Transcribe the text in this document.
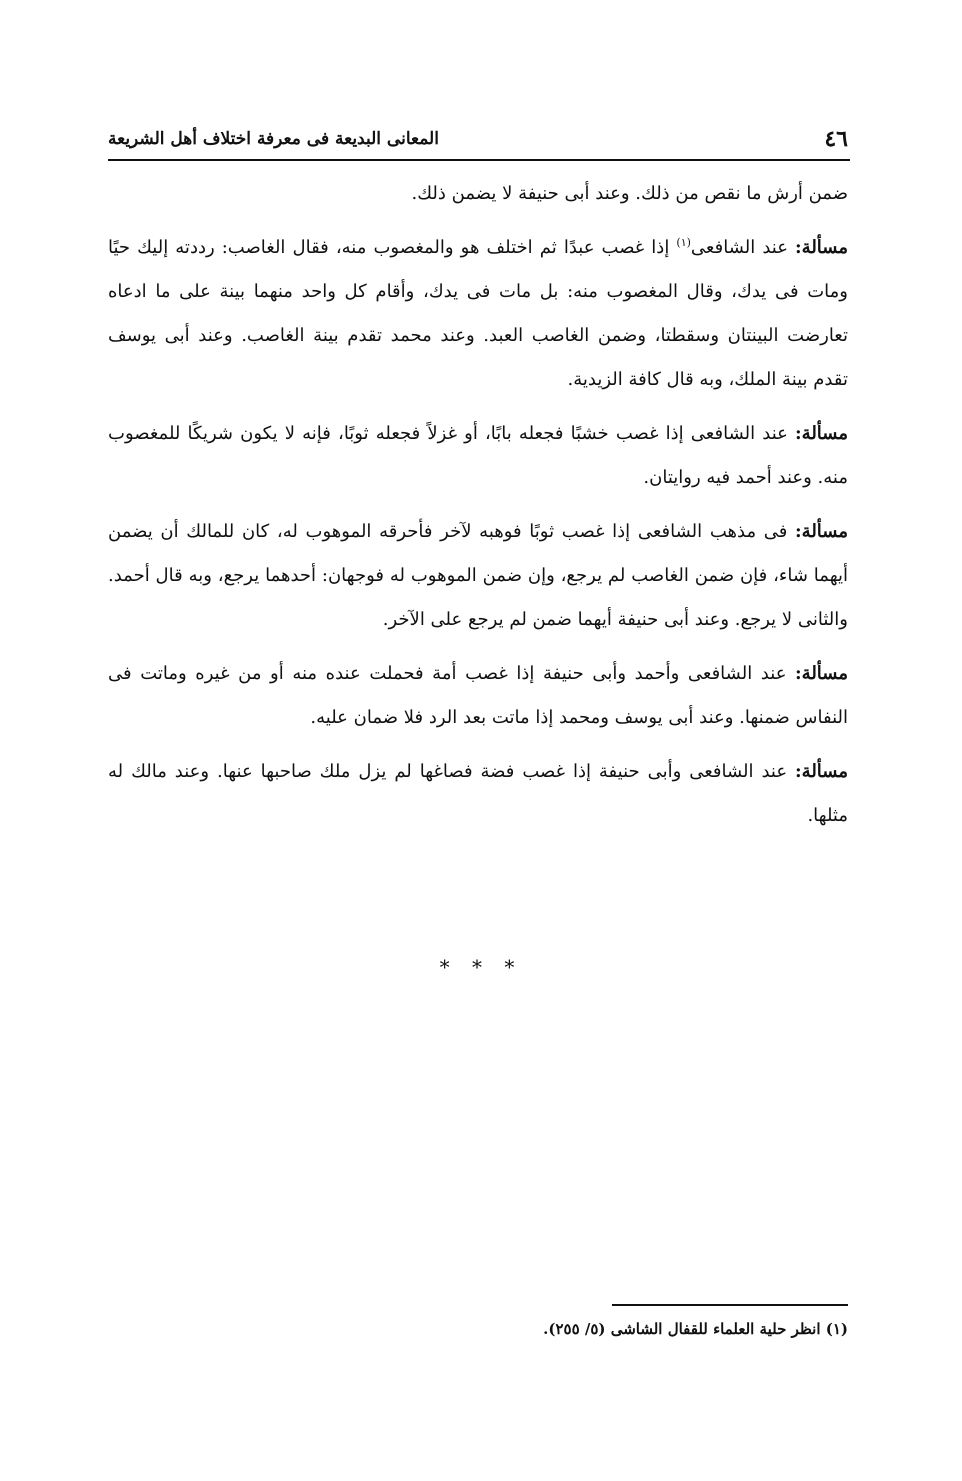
٤٦
المعانى البديعة فى معرفة اختلاف أهل الشريعة

ضمن أرش ما نقص من ذلك. وعند أبى حنيفة لا يضمن ذلك.

مسألة: عند الشافعى$^{(١)}$ إذا غصب عبدًا ثم اختلف هو والمغصوب منه، فقال الغاصب: رددته إليك حيًا ومات فى يدك، وقال المغصوب منه: بل مات فى يدك، وأقام كل واحد منهما بينة على ما ادعاه تعارضت البينتان وسقطتا، وضمن الغاصب العبد. وعند محمد تقدم بينة الغاصب. وعند أبى يوسف تقدم بينة الملك، وبه قال كافة الزيدية.

مسألة: عند الشافعى إذا غصب خشبًا فجعله بابًا، أو غزلاً فجعله ثوبًا، فإنه لا يكون شريكًا للمغصوب منه. وعند أحمد فيه روايتان.

مسألة: فى مذهب الشافعى إذا غصب ثوبًا فوهبه لآخر فأحرقه الموهوب له، كان للمالك أن يضمن أيهما شاء، فإن ضمن الغاصب لم يرجع، وإن ضمن الموهوب له فوجهان: أحدهما يرجع، وبه قال أحمد. والثانى لا يرجع. وعند أبى حنيفة أيهما ضمن لم يرجع على الآخر.

مسألة: عند الشافعى وأحمد وأبى حنيفة إذا غصب أمة فحملت عنده منه أو من غيره وماتت فى النفاس ضمنها. وعند أبى يوسف ومحمد إذا ماتت بعد الرد فلا ضمان عليه.

مسألة: عند الشافعى وأبى حنيفة إذا غصب فضة فصاغها لم يزل ملك صاحبها عنها. وعند مالك له مثلها.

* * *
(١) انظر حلية العلماء للقفال الشاشى (٥/ ٢٥٥).
